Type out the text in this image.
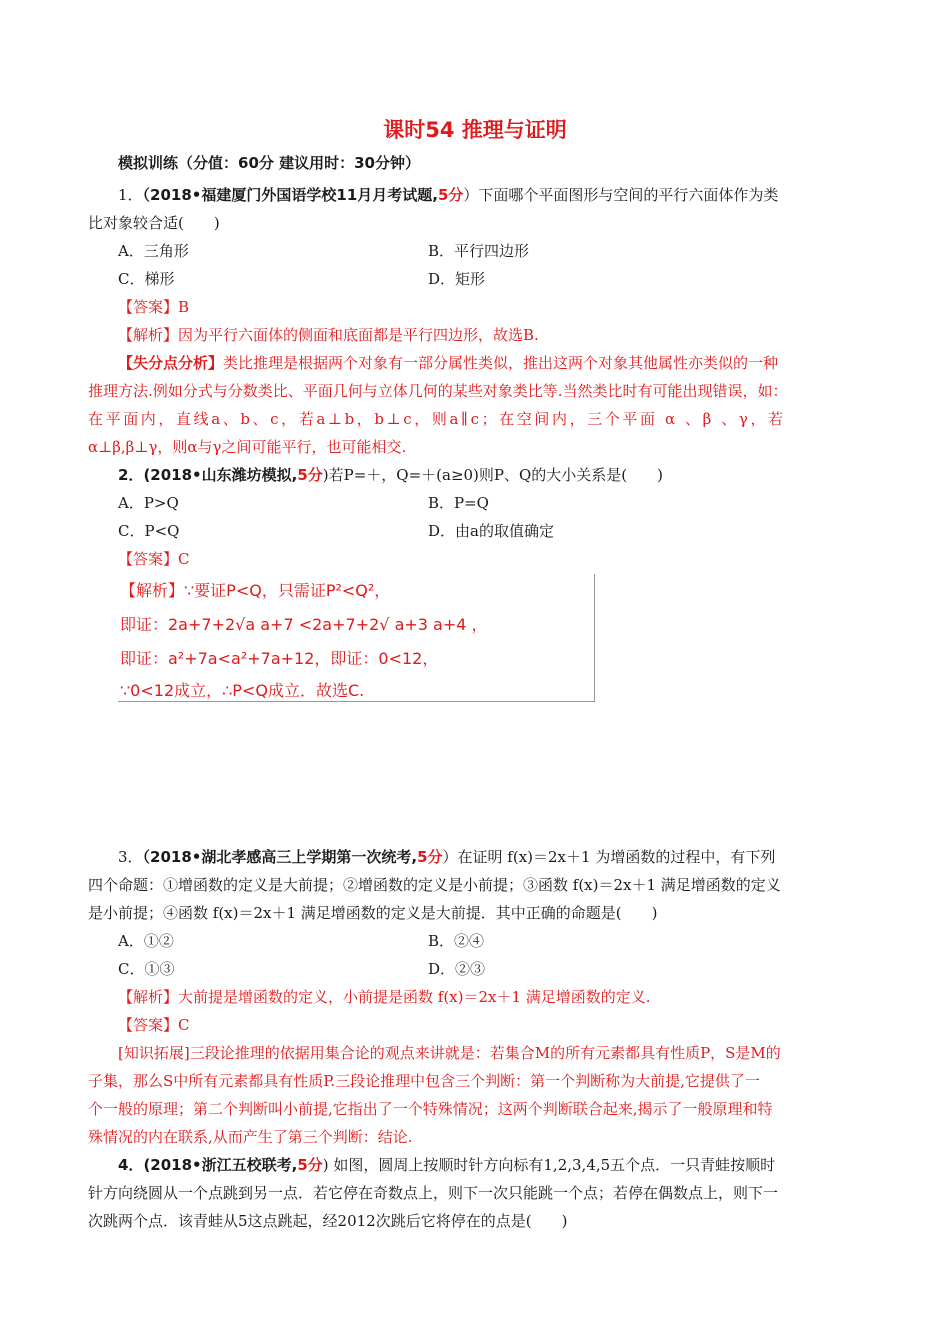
课时54 推理与证明
模拟训练（分值：60分 建议用时：30分钟）
1．（2018•福建厦门外国语学校11月月考试题,5分）下面哪个平面图形与空间的平行六面体作为类
比对象较合适(　　)
A．三角形	B．平行四边形
C．梯形	D．矩形
【答案】B
【解析】因为平行六面体的侧面和底面都是平行四边形，故选B.
【失分点分析】类比推理是根据两个对象有一部分属性类似，推出这两个对象其他属性亦类似的一种
推理方法.例如分式与分数类比、平面几何与立体几何的某些对象类比等.当然类比时有可能出现错误，如：
在平面内，直线a、b、c，若a⊥b，b⊥c，则a∥c；在空间内，三个平面 α 、β 、γ，若
α⊥β,β⊥γ，则α与γ之间可能平行，也可能相交.
2．(2018•山东潍坊模拟,5分)若P=＋，Q=＋(a≥0)则P、Q的大小关系是(　　)
A．P>Q	B．P=Q
C．P<Q	D．由a的取值确定
【答案】C
【解析】∵要证P<Q，只需证P²<Q²，
即证：2a+7+2√a a+7 <2a+7+2√ a+3 a+4 ，
即证：a²+7a<a²+7a+12，即证：0<12，
∵0<12成立，∴P<Q成立．故选C.
3．（2018•湖北孝感高三上学期第一次统考,5分）在证明 f(x)＝2x＋1 为增函数的过程中，有下列
四个命题：①增函数的定义是大前提；②增函数的定义是小前提；③函数 f(x)＝2x＋1 满足增函数的定义
是小前提；④函数 f(x)＝2x＋1 满足增函数的定义是大前提．其中正确的命题是(　　)
A．①②	B．②④
C．①③	D．②③
【解析】大前提是增函数的定义，小前提是函数 f(x)＝2x＋1 满足增函数的定义.
【答案】C
[知识拓展]三段论推理的依据用集合论的观点来讲就是：若集合M的所有元素都具有性质P，S是M的
子集，那么S中所有元素都具有性质P.三段论推理中包含三个判断：第一个判断称为大前提,它提供了一
个一般的原理；第二个判断叫小前提,它指出了一个特殊情况；这两个判断联合起来,揭示了一般原理和特
殊情况的内在联系,从而产生了第三个判断：结论.
4．(2018•浙江五校联考,5分) 如图，圆周上按顺时针方向标有1,2,3,4,5五个点．一只青蛙按顺时
针方向绕圆从一个点跳到另一点．若它停在奇数点上，则下一次只能跳一个点；若停在偶数点上，则下一
次跳两个点．该青蛙从5这点跳起，经2012次跳后它将停在的点是(　　)
